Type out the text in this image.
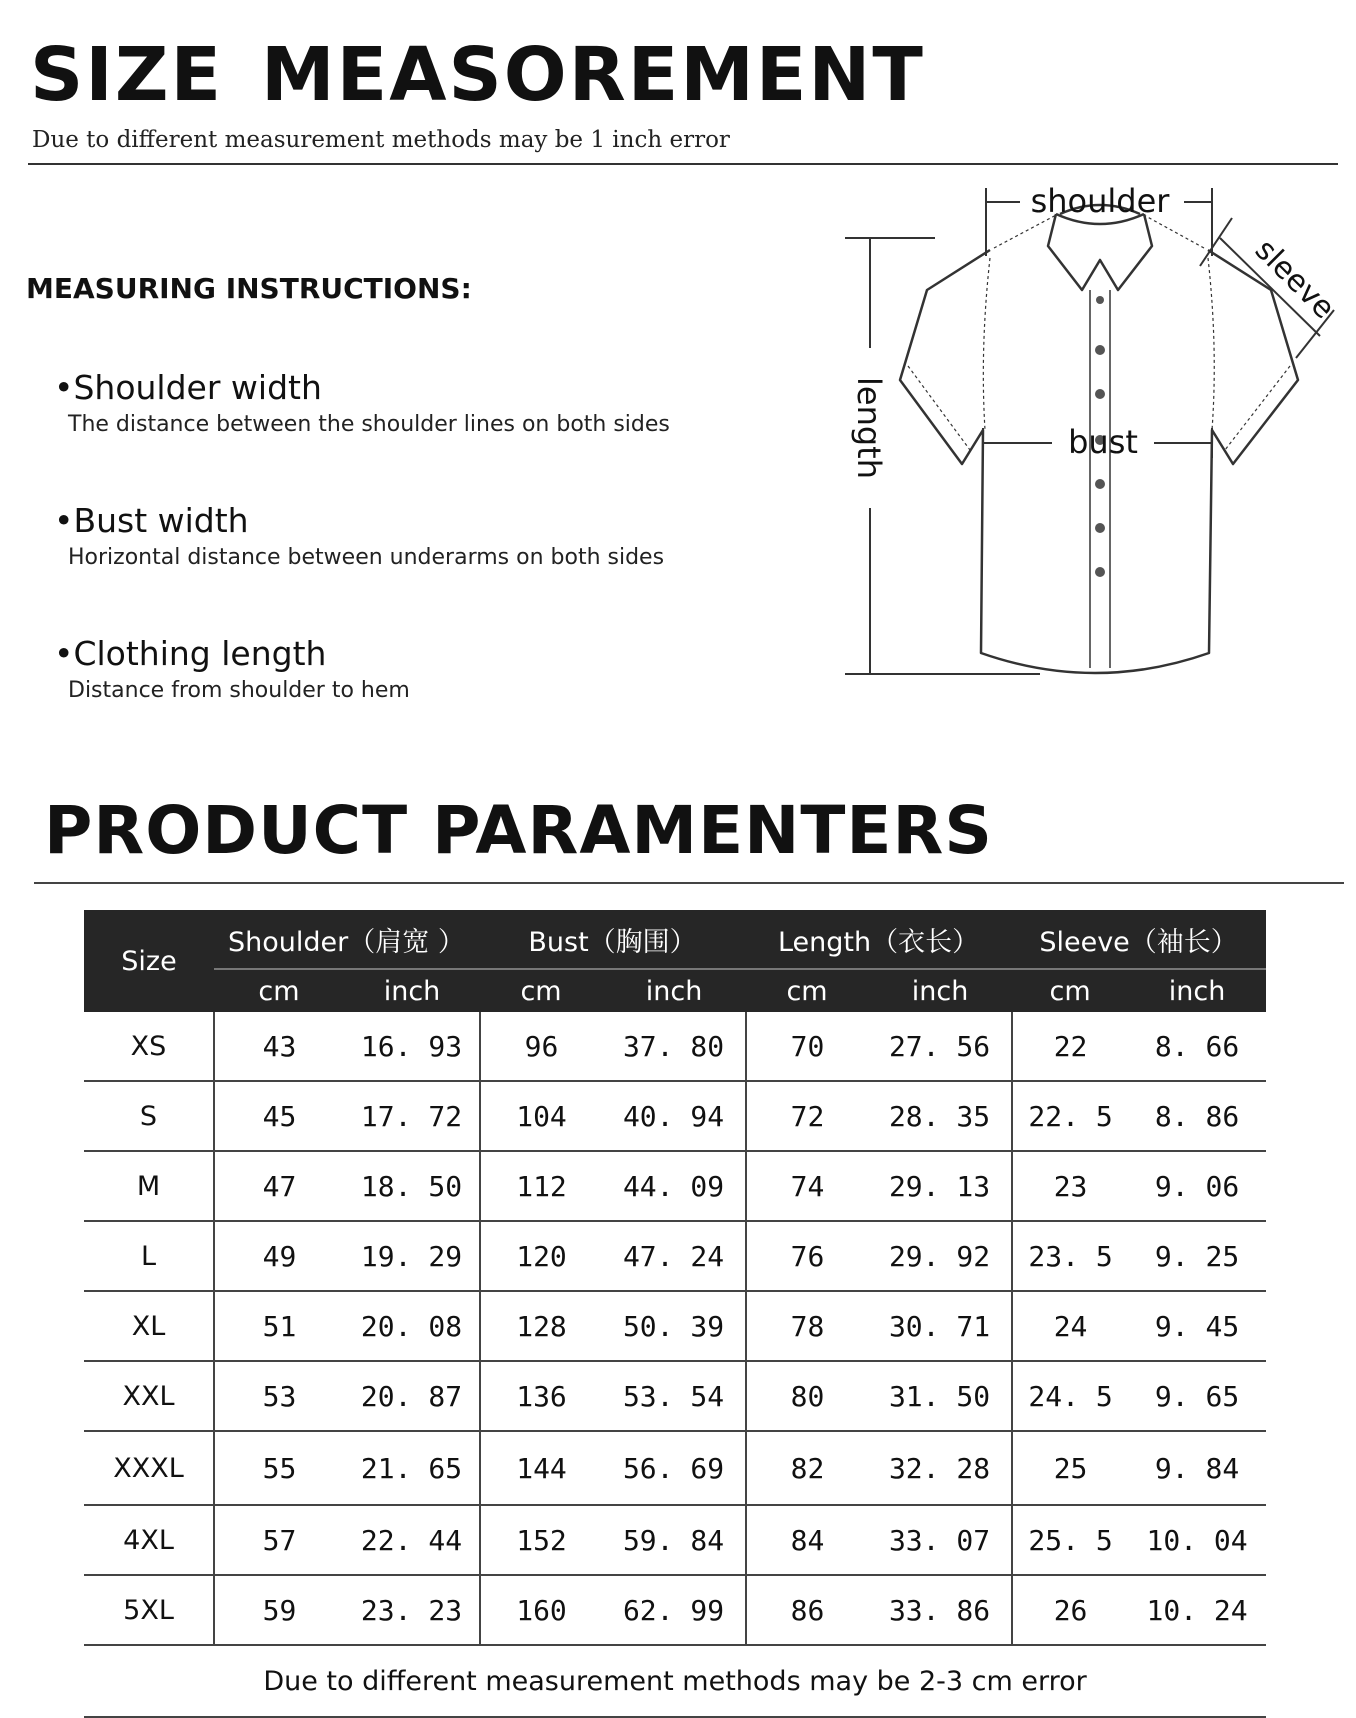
SIZE MEASOREMENT
Due to different measurement methods may be 1 inch error
MEASURING INSTRUCTIONS:
•Shoulder width
The distance between the shoulder lines on both sides
•Bust width
Horizontal distance between underarms on both sides
•Clothing length
Distance from shoulder to hem
shoulder
bust
length
sleeve
PRODUCT PARAMENTERS
Size	Shoulder（肩宽 ）		Bust（胸围）		Length（衣长）		Sleeve（袖长）	
	cm	inch	cm	inch	cm	inch	cm	inch
XS	43	16. 93	96	37. 80	70	27. 56	22	8. 66
S	45	17. 72	104	40. 94	72	28. 35	22. 5	8. 86
M	47	18. 50	112	44. 09	74	29. 13	23	9. 06
L	49	19. 29	120	47. 24	76	29. 92	23. 5	9. 25
XL	51	20. 08	128	50. 39	78	30. 71	24	9. 45
XXL	53	20. 87	136	53. 54	80	31. 50	24. 5	9. 65
XXXL	55	21. 65	144	56. 69	82	32. 28	25	9. 84
4XL	57	22. 44	152	59. 84	84	33. 07	25. 5	10. 04
5XL	59	23. 23	160	62. 99	86	33. 86	26	10. 24
Due to different measurement methods may be 2-3 cm error								
